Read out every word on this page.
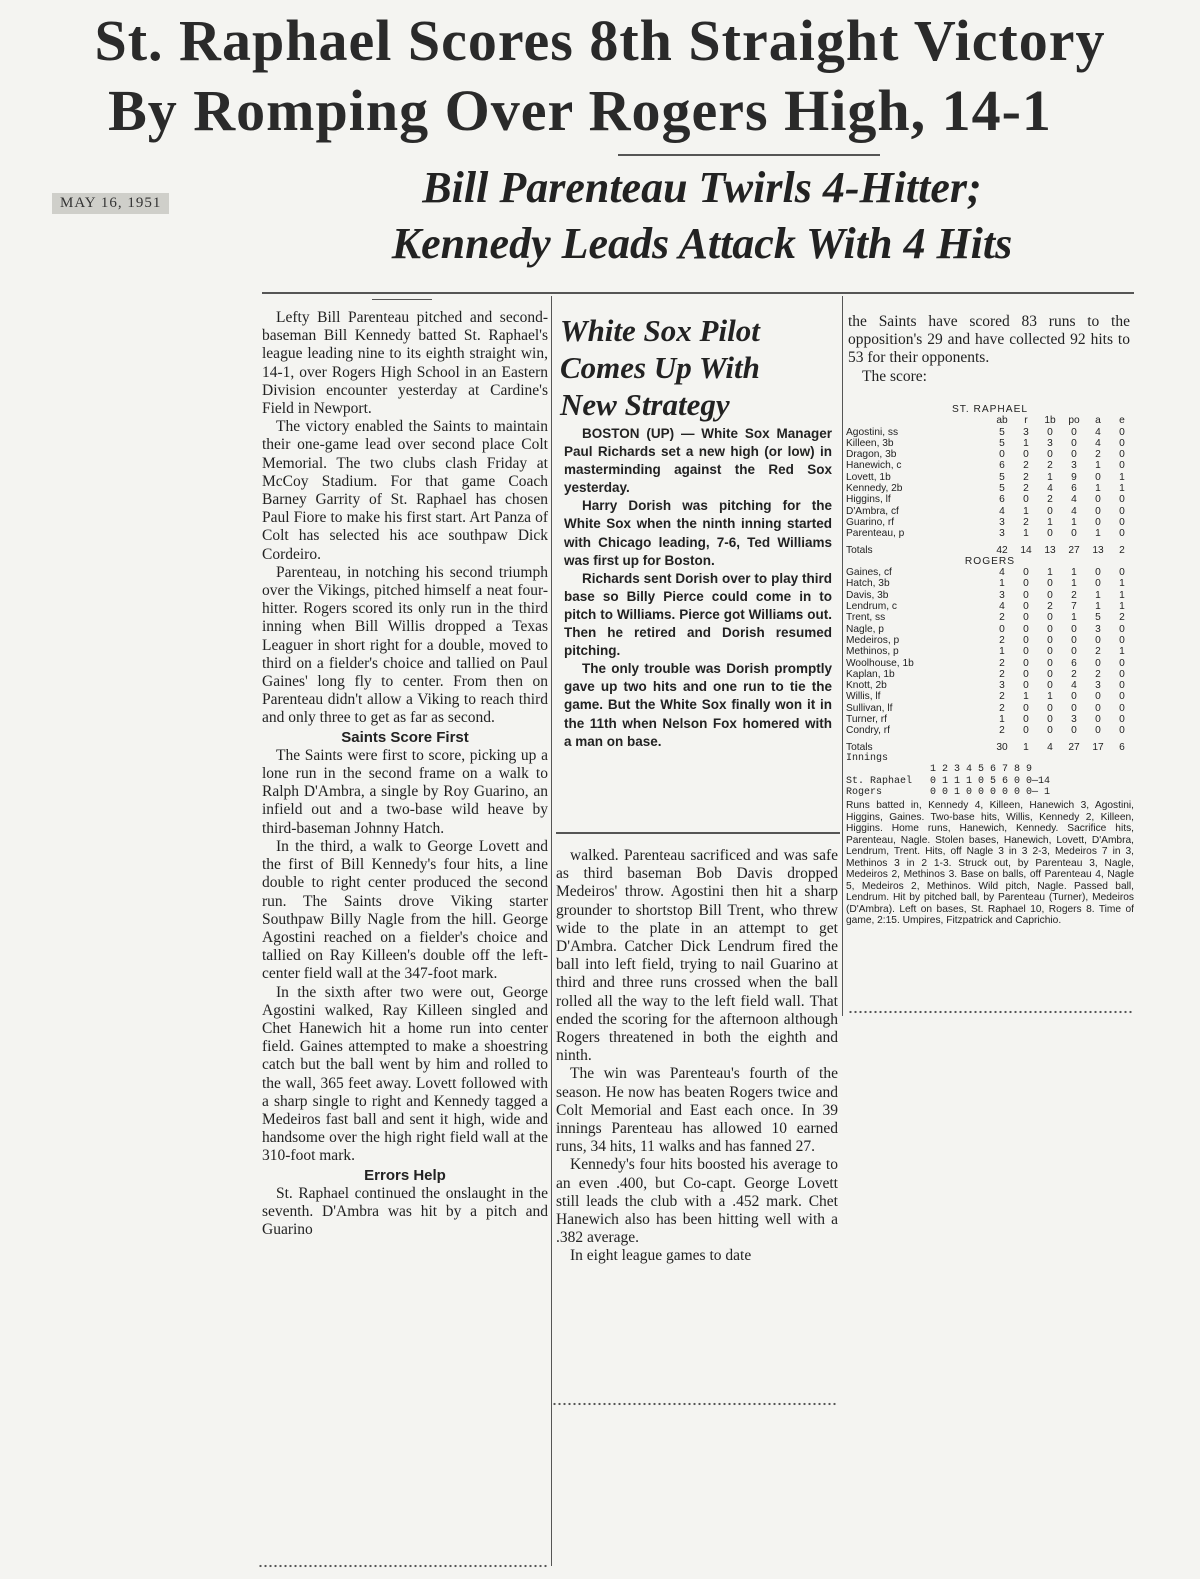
St. Raphael Scores 8th Straight Victory
By Romping Over Rogers High, 14-1
MAY 16, 1951	Bill Parenteau Twirls 4-Hitter;
Kennedy Leads Attack With 4 Hits

Lefty Bill Parenteau pitched and second-baseman Bill Kennedy batted St. Raphael's league leading nine to its eighth straight win, 14-1, over Rogers High School in an Eastern Division encounter yesterday at Cardine's Field in Newport.

The victory enabled the Saints to maintain their one-game lead over second place Colt Memorial. The two clubs clash Friday at McCoy Stadium. For that game Coach Barney Garrity of St. Raphael has chosen Paul Fiore to make his first start. Art Panza of Colt has selected his ace southpaw Dick Cordeiro.

Parenteau, in notching his second triumph over the Vikings, pitched himself a neat four-hitter. Rogers scored its only run in the third inning when Bill Willis dropped a Texas Leaguer in short right for a double, moved to third on a fielder's choice and tallied on Paul Gaines' long fly to center. From then on Parenteau didn't allow a Viking to reach third and only three to get as far as second.

Saints Score First

The Saints were first to score, picking up a lone run in the second frame on a walk to Ralph D'Ambra, a single by Roy Guarino, an infield out and a two-base wild heave by third-baseman Johnny Hatch.

In the third, a walk to George Lovett and the first of Bill Kennedy's four hits, a line double to right center produced the second run. The Saints drove Viking starter Southpaw Billy Nagle from the hill. George Agostini reached on a fielder's choice and tallied on Ray Killeen's double off the left-center field wall at the 347-foot mark.

In the sixth after two were out, George Agostini walked, Ray Killeen singled and Chet Hanewich hit a home run into center field. Gaines attempted to make a shoestring catch but the ball went by him and rolled to the wall, 365 feet away. Lovett followed with a sharp single to right and Kennedy tagged a Medeiros fast ball and sent it high, wide and handsome over the high right field wall at the 310-foot mark.

Errors Help

St. Raphael continued the onslaught in the seventh. D'Ambra was hit by a pitch and Guarino

White Sox Pilot
Comes Up With
New Strategy

BOSTON (UP) — White Sox Manager Paul Richards set a new high (or low) in masterminding against the Red Sox yesterday.

Harry Dorish was pitching for the White Sox when the ninth inning started with Chicago leading, 7-6, Ted Williams was first up for Boston.

Richards sent Dorish over to play third base so Billy Pierce could come in to pitch to Williams. Pierce got Williams out. Then he retired and Dorish resumed pitching.

The only trouble was Dorish promptly gave up two hits and one run to tie the game. But the White Sox finally won it in the 11th when Nelson Fox homered with a man on base.

walked. Parenteau sacrificed and was safe as third baseman Bob Davis dropped Medeiros' throw. Agostini then hit a sharp grounder to shortstop Bill Trent, who threw wide to the plate in an attempt to get D'Ambra. Catcher Dick Lendrum fired the ball into left field, trying to nail Guarino at third and three runs crossed when the ball rolled all the way to the left field wall. That ended the scoring for the afternoon although Rogers threatened in both the eighth and ninth.

The win was Parenteau's fourth of the season. He now has beaten Rogers twice and Colt Memorial and East each once. In 39 innings Parenteau has allowed 10 earned runs, 34 hits, 11 walks and has fanned 27.

Kennedy's four hits boosted his average to an even .400, but Co-capt. George Lovett still leads the club with a .452 mark. Chet Hanewich also has been hitting well with a .382 average.

In eight league games to date

the Saints have scored 83 runs to the opposition's 29 and have collected 92 hits to 53 for their opponents.

The score:

ST. RAPHAEL						
	ab	r	1b	po	a	e
Agostini, ss	5	3	0	0	4	0
Killeen, 3b	5	1	3	0	4	0
Dragon, 3b	0	0	0	0	2	0
Hanewich, c	6	2	2	3	1	0
Lovett, 1b	5	2	1	9	0	1
Kennedy, 2b	5	2	4	6	1	1
Higgins, lf	6	0	2	4	0	0
D'Ambra, cf	4	1	0	4	0	0
Guarino, rf	3	2	1	1	0	0
Parenteau, p	3	1	0	0	1	0
Totals	42	14	13	27	13	2
ROGERS						
Gaines, cf	4	0	1	1	0	0
Hatch, 3b	1	0	0	1	0	1
Davis, 3b	3	0	0	2	1	1
Lendrum, c	4	0	2	7	1	1
Trent, ss	2	0	0	1	5	2
Nagle, p	0	0	0	0	3	0
Medeiros, p	2	0	0	0	0	0
Methinos, p	1	0	0	0	2	1
Woolhouse, 1b	2	0	0	6	0	0
Kaplan, 1b	2	0	0	2	2	0
Knott, 2b	3	0	0	4	3	0
Willis, lf	2	1	1	0	0	0
Sullivan, lf	2	0	0	0	0	0
Turner, rf	1	0	0	3	0	0
Condry, rf	2	0	0	0	0	0
Totals	30	1	4	27	17	6
Innings
1 2 3 4 5 6 7 8 9
St. Raphael   0 1 1 1 0 5 6 0 0—14
Rogers        0 0 1 0 0 0 0 0 0— 1
Runs batted in, Kennedy 4, Killeen, Hanewich 3, Agostini, Higgins, Gaines. Two-base hits, Willis, Kennedy 2, Killeen, Higgins. Home runs, Hanewich, Kennedy. Sacrifice hits, Parenteau, Nagle. Stolen bases, Hanewich, Lovett, D'Ambra, Lendrum, Trent. Hits, off Nagle 3 in 3 2-3, Medeiros 7 in 3, Methinos 3 in 2 1-3. Struck out, by Parenteau 3, Nagle, Medeiros 2, Methinos 3. Base on balls, off Parenteau 4, Nagle 5, Medeiros 2, Methinos. Wild pitch, Nagle. Passed ball, Lendrum. Hit by pitched ball, by Parenteau (Turner), Medeiros (D'Ambra). Left on bases, St. Raphael 10, Rogers 8. Time of game, 2:15. Umpires, Fitzpatrick and Caprichio.
